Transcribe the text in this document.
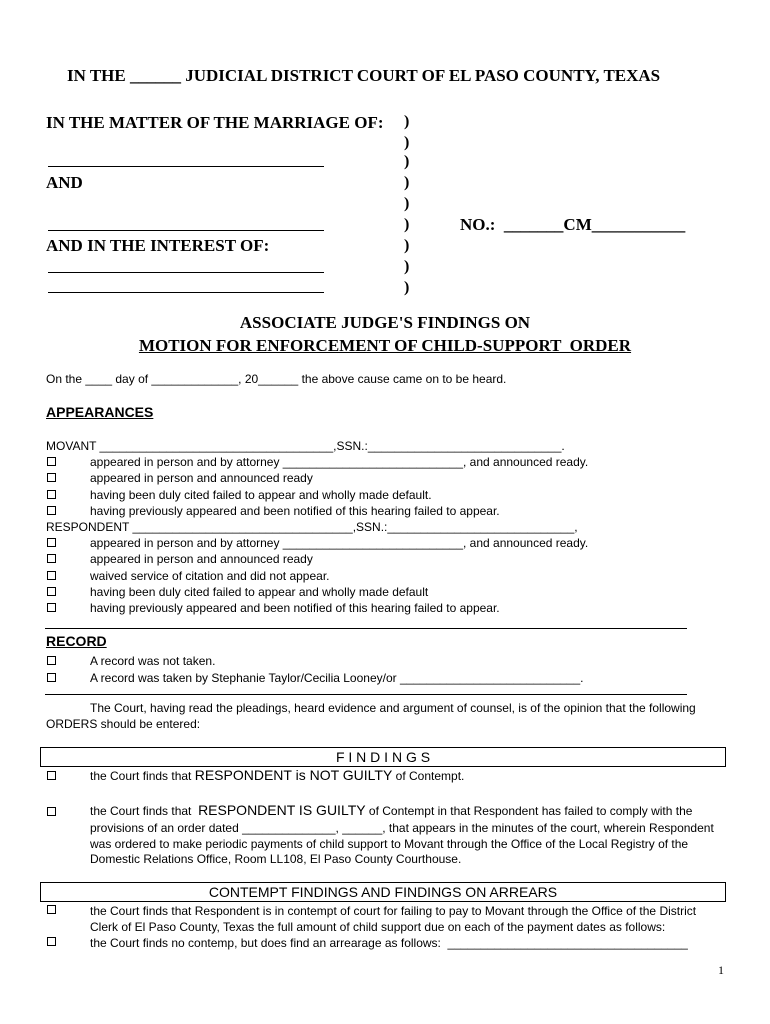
IN THE ______ JUDICIAL DISTRICT COURT OF EL PASO COUNTY, TEXAS
IN THE MATTER OF THE MARRIAGE OF: )
)
)
)
)
)
)
)
)
AND
AND IN THE INTEREST OF:
NO.:  _______CM___________
ASSOCIATE JUDGE'S FINDINGS ON
MOTION FOR ENFORCEMENT OF CHILD-SUPPORT  ORDER
On the ____ day of _____________, 20______ the above cause came on to be heard.
APPEARANCES
MOVANT ___________________________________,SSN.:_____________________________.
appeared in person and by attorney ___________________________, and announced ready.
appeared in person and announced ready
having been duly cited failed to appear and wholly made default.
having previously appeared and been notified of this hearing failed to appear.
RESPONDENT _________________________________,SSN.:____________________________,
appeared in person and by attorney ___________________________, and announced ready.
appeared in person and announced ready
waived service of citation and did not appear.
having been duly cited failed to appear and wholly made default
having previously appeared and been notified of this hearing failed to appear.
RECORD
A record was not taken.
A record was taken by Stephanie Taylor/Cecilia Looney/or ___________________________.
The Court, having read the pleadings, heard evidence and argument of counsel, is of the opinion that the following
ORDERS should be entered:
F I N D I N G S
the Court finds that RESPONDENT is NOT GUILTY of Contempt.
the Court finds that  RESPONDENT IS GUILTY of Contempt in that Respondent has failed to comply with the
provisions of an order dated ______________, ______, that appears in the minutes of the court, wherein Respondent
was ordered to make periodic payments of child support to Movant through the Office of the Local Registry of the
Domestic Relations Office, Room LL108, El Paso County Courthouse.
CONTEMPT FINDINGS AND FINDINGS ON ARREARS
the Court finds that Respondent is in contempt of court for failing to pay to Movant through the Office of the District
Clerk of El Paso County, Texas the full amount of child support due on each of the payment dates as follows:
the Court finds no contemp, but does find an arrearage as follows:  ____________________________________
1
